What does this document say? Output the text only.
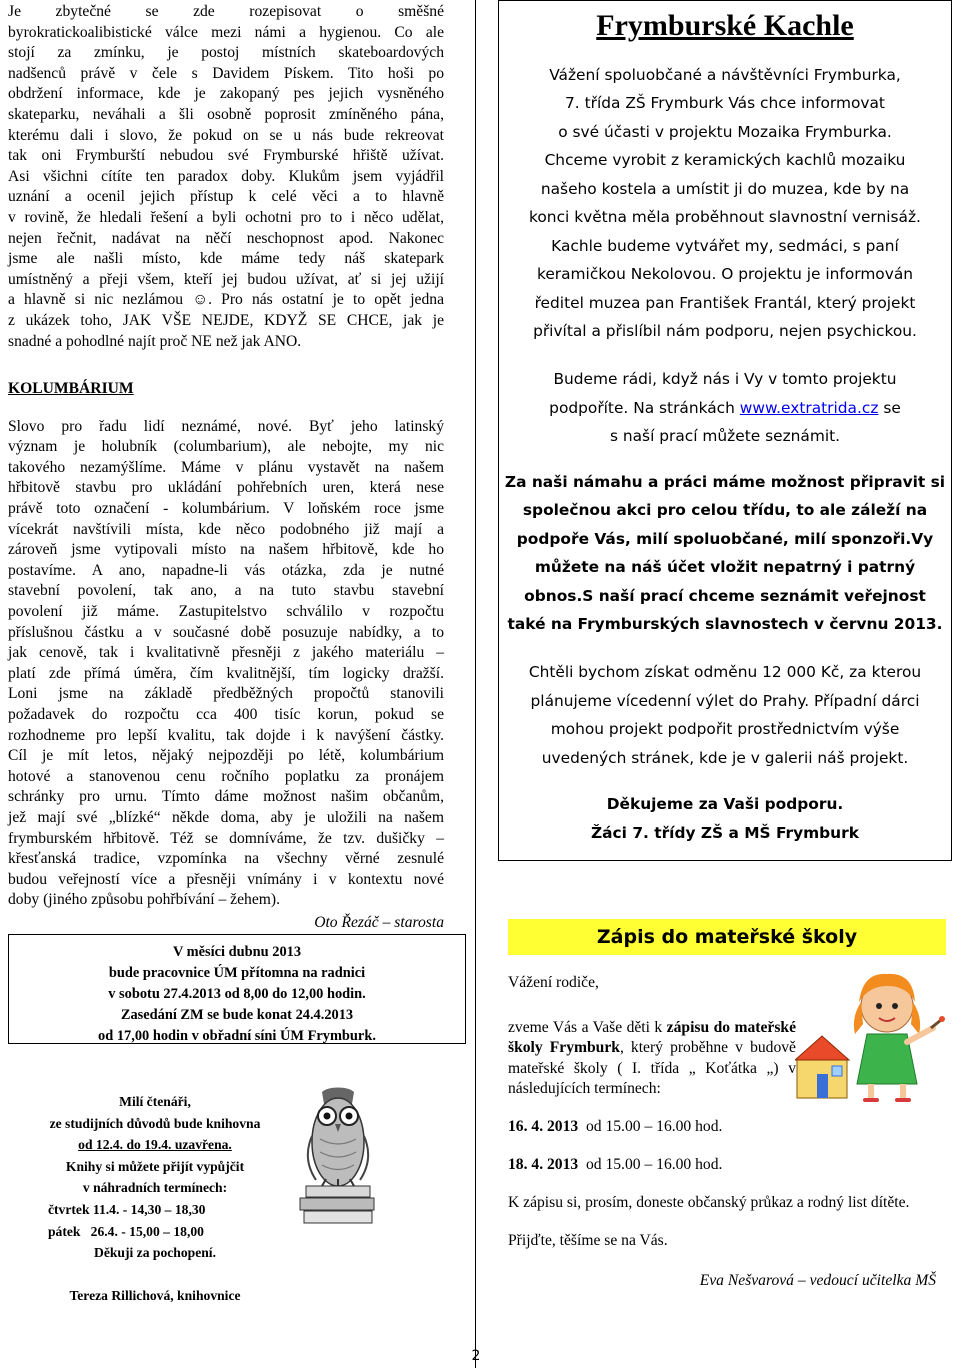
Je zbytečné se zde rozepisovat o směšné
byrokratickoalibistické válce mezi námi a hygienou. Co ale
stojí za zmínku, je postoj místních skateboardových
nadšenců právě v čele s Davidem Pískem. Tito hoši po
obdržení informace, kde je zakopaný pes jejich vysněného
skateparku, neváhali a šli osobně poprosit zmíněného pána,
kterému dali i slovo, že pokud on se u nás bude rekreovat
tak oni Frymburští nebudou své Frymburské hřiště užívat.
Asi všichni cítíte ten paradox doby. Klukům jsem vyjádřil
uznání a ocenil jejich přístup k celé věci a to hlavně
v rovině, že hledali řešení a byli ochotni pro to i něco udělat,
nejen řečnit, nadávat na něčí neschopnost apod. Nakonec
jsme ale našli místo, kde máme tedy náš skatepark
umístněný a přeji všem, kteří jej budou užívat, ať si jej užijí
a hlavně si nic nezlámou ☺. Pro nás ostatní je to opět jedna
z ukázek toho, JAK VŠE NEJDE, KDYŽ SE CHCE, jak je
snadné a pohodlné najít proč NE než jak ANO.

KOLUMBÁRIUM

Slovo pro řadu lidí neznámé, nové. Byť jeho latinský
význam je holubník (columbarium), ale nebojte, my nic
takového nezamýšlíme. Máme v plánu vystavět na našem
hřbitově stavbu pro ukládání pohřebních uren, která nese
právě toto označení - kolumbárium. V loňském roce jsme
vícekrát navštívili místa, kde něco podobného již mají a
zároveň jsme vytipovali místo na našem hřbitově, kde ho
postavíme. A ano, napadne-li vás otázka, zda je nutné
stavební povolení, tak ano, a na tuto stavbu stavební
povolení již máme. Zastupitelstvo schválilo v rozpočtu
příslušnou částku a v současné době posuzuje nabídky, a to
jak cenově, tak i kvalitativně přesněji z jakého materiálu –
platí zde přímá úměra, čím kvalitnější, tím logicky dražší.
Loni jsme na základě předběžných propočtů stanovili
požadavek do rozpočtu cca 400 tisíc korun, pokud se
rozhodneme pro lepší kvalitu, tak dojde i k navýšení částky.
Cíl je mít letos, nějaký nejpozději po létě, kolumbárium
hotové a stanovenou cenu ročního poplatku za pronájem
schránky pro urnu. Tímto dáme možnost našim občanům,
jež mají své „blízké“ někde doma, aby je uložili na našem
frymburském hřbitově. Též se domníváme, že tzv. dušičky –
křesťanská tradice, vzpomínka na všechny věrné zesnulé
budou veřejností více a přesněji vnímány i v kontextu nové
doby (jiného způsobu pohřbívání – žehem).

Oto Řezáč – starosta

V měsíci dubnu 2013
bude pracovnice ÚM přítomna na radnici
v sobotu 27.4.2013 od 8,00 do 12,00 hodin.
Zasedání ZM se bude konat 24.4.2013
od 17,00 hodin v obřadní síni ÚM Frymburk.
Milí čtenáři,
ze studijních důvodů bude knihovna
od 12.4. do 19.4. uzavřena.
Knihy si můžete přijít vypůjčit
v náhradních termínech:
čtvrtek 11.4. - 14,30 – 18,30
pátek   26.4. - 15,00 – 18,00
Děkuji za pochopení.
Tereza Rillichová, knihovnice
2
Frymburské Kachle
Vážení spoluobčané a návštěvníci Frymburka,
7. třída ZŠ Frymburk Vás chce informovat
o své účasti v projektu Mozaika Frymburka.
Chceme vyrobit z keramických kachlů mozaiku
našeho kostela a umístit ji do muzea, kde by na
konci května měla proběhnout slavnostní vernisáž.
Kachle budeme vytvářet my, sedmáci, s paní
keramičkou Nekolovou. O projektu je informován
ředitel muzea pan František Frantál, který projekt
přivítal a přislíbil nám podporu, nejen psychickou.
Budeme rádi, když nás i Vy v tomto projektu
podpoříte. Na stránkách www.extratrida.cz se
s naší prací můžete seznámit.
Za naši námahu a práci máme možnost připravit si
společnou akci pro celou třídu, to ale záleží na
podpoře Vás, milí spoluobčané, milí sponzoři.Vy
můžete na náš účet vložit nepatrný i patrný
obnos.S naší prací chceme seznámit veřejnost
také na Frymburských slavnostech v červnu 2013.
Chtěli bychom získat odměnu 12 000 Kč, za kterou
plánujeme vícedenní výlet do Prahy. Případní dárci
mohou projekt podpořit prostřednictvím výše
uvedených stránek, kde je v galerii náš projekt.
Děkujeme za Vaši podporu.
Žáci 7. třídy ZŠ a MŠ Frymburk
Zápis do mateřské školy

Vážení rodiče,

zveme Vás a Vaše děti k zápisu do mateřské školy Frymburk, který proběhne v budově mateřské školy ( I. třída „ Koťátka „) v následujících termínech:

16. 4. 2013  od 15.00 – 16.00 hod.

18. 4. 2013  od 15.00 – 16.00 hod.

K zápisu si, prosím, doneste občanský průkaz a rodný list dítěte.

Přijďte, těšíme se na Vás.

Eva Nešvarová – vedoucí učitelka MŠ
